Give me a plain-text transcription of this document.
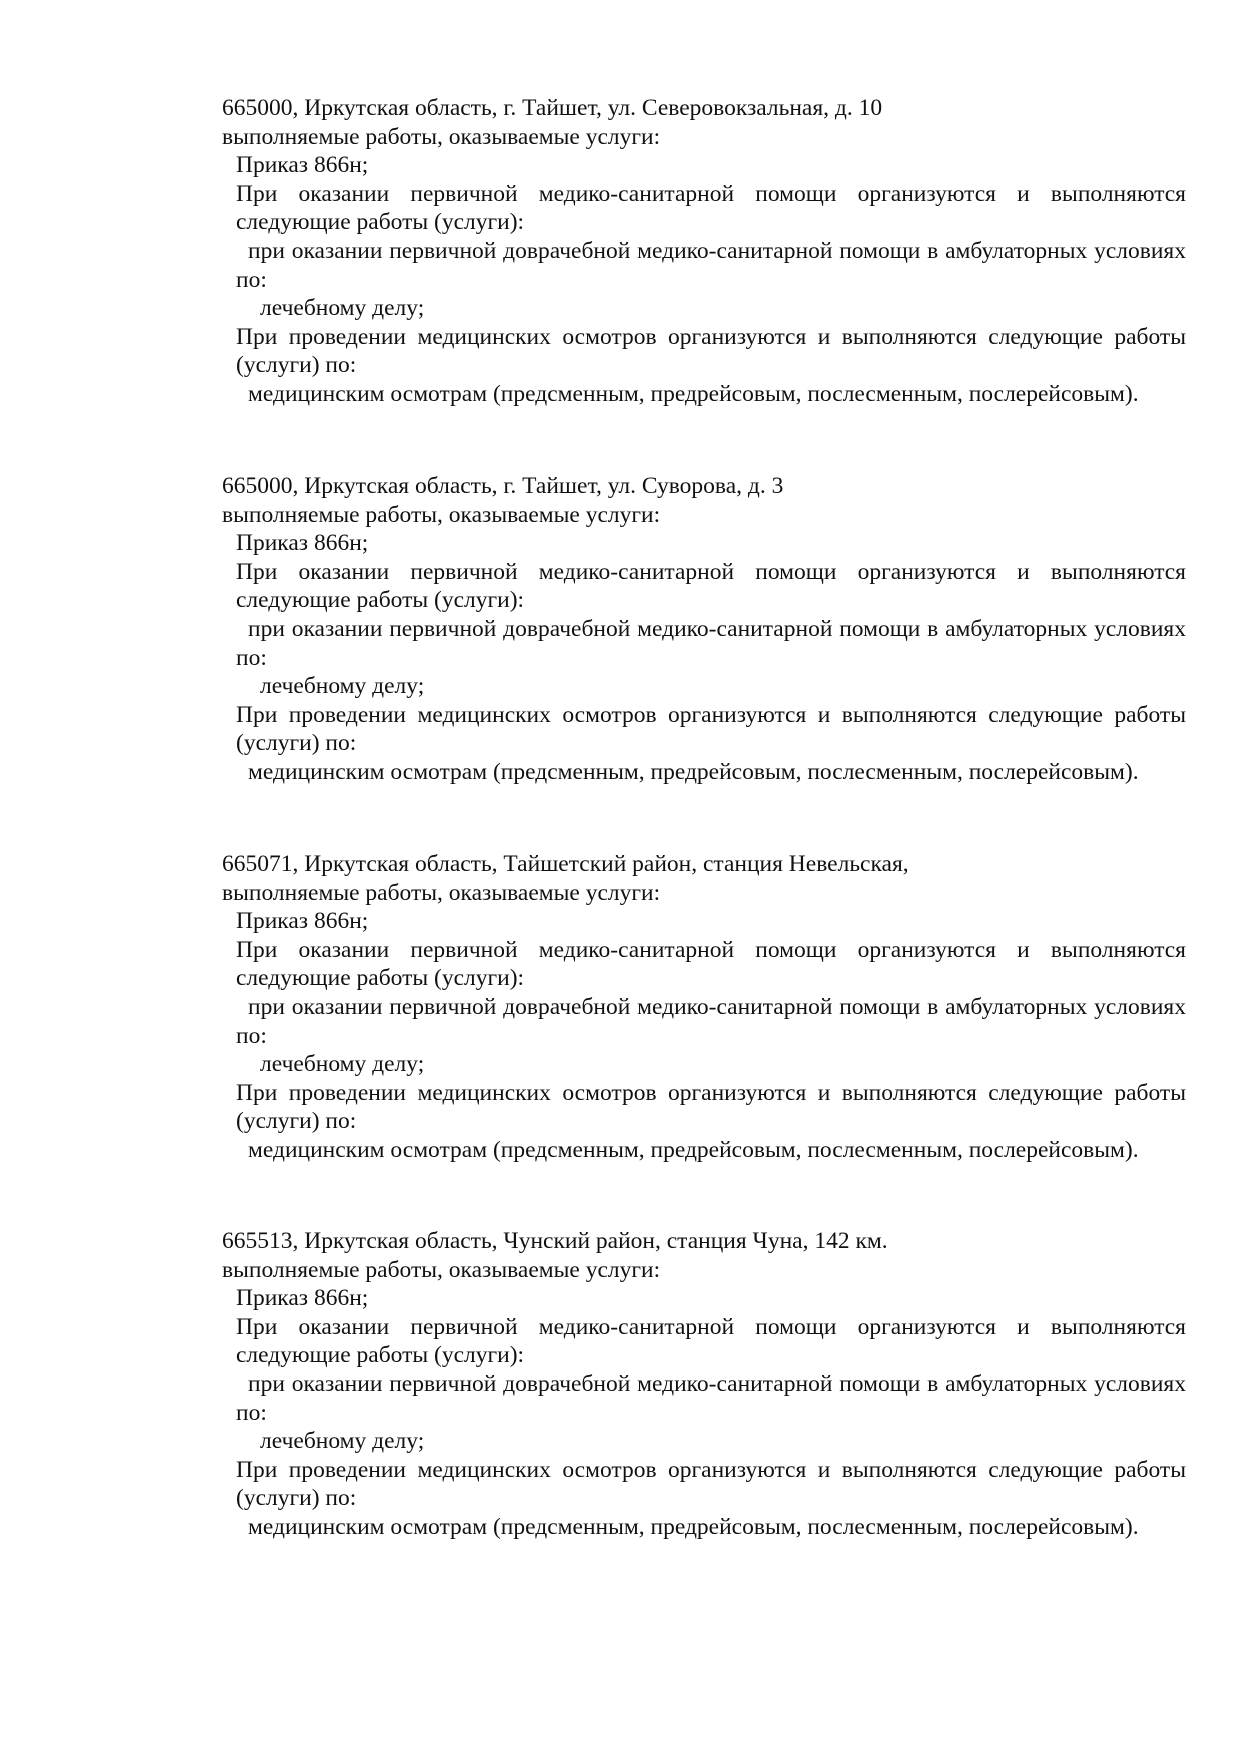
665000, Иркутская область, г. Тайшет, ул. Северовокзальная, д. 10

выполняемые работы, оказываемые услуги:

Приказ 866н;

При оказании первичной медико-санитарной помощи организуются и выполняются следующие работы (услуги):

при оказании первичной доврачебной медико-санитарной помощи в амбулаторных условиях по:

лечебному делу;

При проведении медицинских осмотров организуются и выполняются следующие работы (услуги) по:

медицинским осмотрам (предсменным, предрейсовым, послесменным, послерейсовым).

665000, Иркутская область, г. Тайшет, ул. Суворова, д. 3

выполняемые работы, оказываемые услуги:

Приказ 866н;

При оказании первичной медико-санитарной помощи организуются и выполняются следующие работы (услуги):

при оказании первичной доврачебной медико-санитарной помощи в амбулаторных условиях по:

лечебному делу;

При проведении медицинских осмотров организуются и выполняются следующие работы (услуги) по:

медицинским осмотрам (предсменным, предрейсовым, послесменным, послерейсовым).

665071, Иркутская область, Тайшетский район, станция Невельская,

выполняемые работы, оказываемые услуги:

Приказ 866н;

При оказании первичной медико-санитарной помощи организуются и выполняются следующие работы (услуги):

при оказании первичной доврачебной медико-санитарной помощи в амбулаторных условиях по:

лечебному делу;

При проведении медицинских осмотров организуются и выполняются следующие работы (услуги) по:

медицинским осмотрам (предсменным, предрейсовым, послесменным, послерейсовым).

665513, Иркутская область, Чунский район, станция Чуна, 142 км.

выполняемые работы, оказываемые услуги:

Приказ 866н;

При оказании первичной медико-санитарной помощи организуются и выполняются следующие работы (услуги):

при оказании первичной доврачебной медико-санитарной помощи в амбулаторных условиях по:

лечебному делу;

При проведении медицинских осмотров организуются и выполняются следующие работы (услуги) по:

медицинским осмотрам (предсменным, предрейсовым, послесменным, послерейсовым).
